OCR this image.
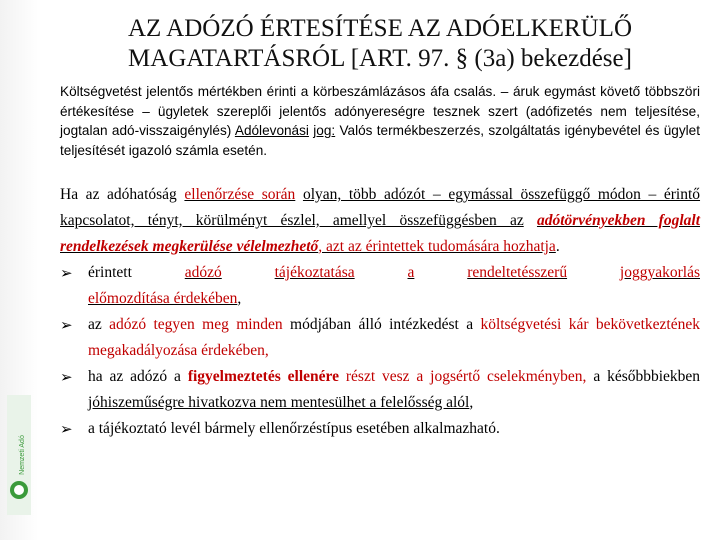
Nemzeti Adó
AZ ADÓZÓ ÉRTESÍTÉSE AZ ADÓELKERÜLŐ
MAGATARTÁSRÓL [ART. 97. § (3a) bekezdése]
Költségvetést jelentős mértékben érinti a körbeszámlázásos áfa csalás. – áruk egymást követő többszöri értékesítése – ügyletek szereplői jelentős adónyereségre tesznek szert (adófizetés nem teljesítése, jogtalan adó-visszaigénylés) Adólevonási jog: Valós termékbeszerzés, szolgáltatás igénybevétel és ügylet teljesítését igazoló számla esetén.

Ha az adóhatóság ellenőrzése során olyan, több adózót – egymással összefüggő módon – érintő kapcsolatot, tényt, körülményt észlel, amellyel összefüggésben az adótörvényekben foglalt rendelkezések megkerülése vélelmezhető, azt az érintettek tudomására hozhatja.

➢ érintett	adózó	tájékoztatása	a	rendeltetésszerű	joggyakorlás
előmozdítása érdekében,
➢ az adózó tegyen meg minden módjában álló intézkedést a költségvetési kár bekövetkeztének megakadályozása érdekében,
➢ ha az adózó a figyelmeztetés ellenére részt vesz a jogsértő cselekményben, a későbbbiekben jóhiszeműségre hivatkozva nem mentesülhet a felelősség alól,
➢ a tájékoztató levél bármely ellenőrzéstípus esetében alkalmazható.
